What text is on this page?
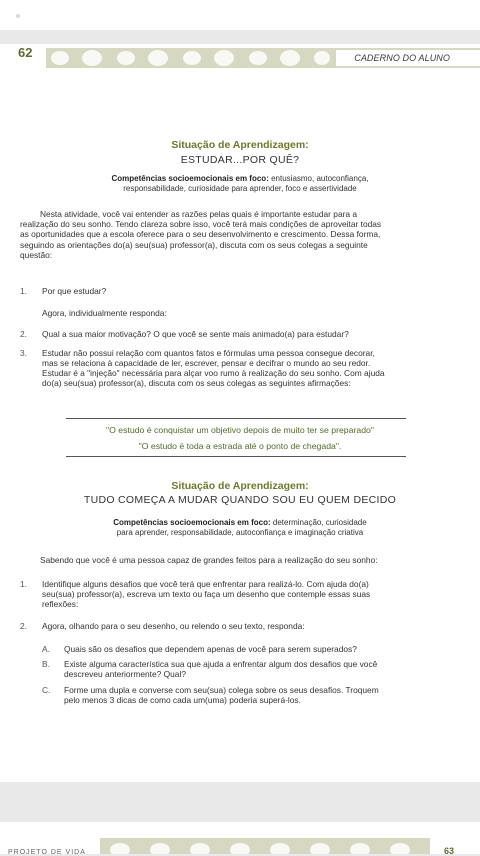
62	CADERNO DO ALUNO
Situação de Aprendizagem:
ESTUDAR...POR QUÊ?
Competências socioemocionais em foco: entusiasmo, autoconfiança,
responsabilidade, curiosidade para aprender, foco e assertividade
Nesta atividade, você vai entender as razões pelas quais é importante estudar para a
realização do seu sonho. Tendo clareza sobre isso, você terá mais condições de aproveitar todas
as oportunidades que a escola oferece para o seu desenvolvimento e crescimento. Dessa forma,
seguindo as orientações do(a) seu(sua) professor(a), discuta com os seus colegas a seguinte
questão:
1. Por que estudar?
Agora, individualmente responda:
2. Qual a sua maior motivação? O que você se sente mais animado(a) para estudar?
3. Estudar não possui relação com quantos fatos e fórmulas uma pessoa consegue decorar,
mas se relaciona à capacidade de ler, escrever, pensar e decifrar o mundo ao seu redor.
Estudar é a "injeção" necessária para alçar voo rumo à realização do seu sonho. Com ajuda
do(a) seu(sua) professor(a), discuta com os seus colegas as seguintes afirmações:
"O estudo é conquistar um objetivo depois de muito ter se preparado"
"O estudo é toda a estrada até o ponto de chegada".
Situação de Aprendizagem:
TUDO COMEÇA A MUDAR QUANDO SOU EU QUEM DECIDO
Competências socioemocionais em foco: determinação, curiosidade
para aprender, responsabilidade, autoconfiança e imaginação criativa
Sabendo que você é uma pessoa capaz de grandes feitos para a realização do seu sonho:
1. Identifique alguns desafios que você terá que enfrentar para realizá-lo. Com ajuda do(a)
seu(sua) professor(a), escreva um texto ou faça um desenho que contemple essas suas
reflexões:
2. Agora, olhando para o seu desenho, ou relendo o seu texto, responda:
A. Quais são os desafios que dependem apenas de você para serem superados?
B. Existe alguma característica sua que ajuda a enfrentar algum dos desafios que você
descreveu anteriormente? Qual?
C. Forme uma dupla e converse com seu(sua) colega sobre os seus desafios. Troquem
pelo menos 3 dicas de como cada um(uma) poderia superá-los.
PROJETO DE VIDA	63
